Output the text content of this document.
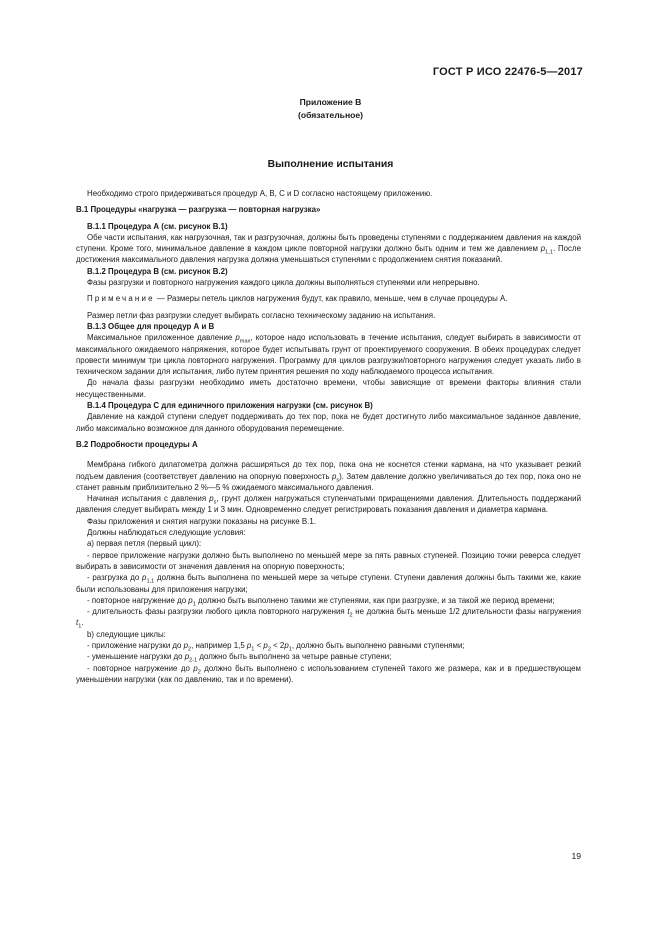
ГОСТ Р ИСО 22476-5—2017
Приложение В
(обязательное)
Выполнение испытания

Необходимо строго придерживаться процедур A, B, C и D согласно настоящему приложению.

В.1 Процедуры «нагрузка — разгрузка — повторная нагрузка»

В.1.1 Процедура А (см. рисунок В.1)

Обе части испытания, как нагрузочная, так и разгрузочная, должны быть проведены ступенями с поддержанием давления на каждой ступени. Кроме того, минимальное давление в каждом цикле повторной нагрузки должно быть одним и тем же давлением $p_{1,1}$. После достижения максимального давления нагрузка должна уменьшаться ступенями с продолжением снятия показаний.

В.1.2 Процедура В (см. рисунок В.2)

Фазы разгрузки и повторного нагружения каждого цикла должны выполняться ступенями или непрерывно.

Примечание — Размеры петель циклов нагружения будут, как правило, меньше, чем в случае процедуры А.

Размер петли фаз разгрузки следует выбирать согласно техническому заданию на испытания.

В.1.3 Общее для процедур А и В

Максимальное приложенное давление $p_{max}$, которое надо использовать в течение испытания, следует выбирать в зависимости от максимального ожидаемого напряжения, которое будет испытывать грунт от проектируемого сооружения. В обеих процедурах следует провести минимум три цикла повторного нагружения. Программу для циклов разгрузки/повторного нагружения следует указать либо в техническом задании для испытания, либо путем принятия решения по ходу наблюдаемого процесса испытания.

До начала фазы разгрузки необходимо иметь достаточно времени, чтобы зависящие от времени факторы влияния стали несущественными.

В.1.4 Процедура С для единичного приложения нагрузки (см. рисунок В)

Давление на каждой ступени следует поддерживать до тех пор, пока не будет достигнуто либо максимальное заданное давление, либо максимально возможное для данного оборудования перемещение.

В.2 Подробности процедуры А

Мембрана гибкого дилатометра должна расширяться до тех пор, пока она не коснется стенки кармана, на что указывает резкий подъем давления (соответствует давлению на опорную поверхность $p_s$). Затем давление должно увеличиваться до тех пор, пока оно не станет равным приблизительно 2 %—5 % ожидаемого максимального давления.

Начиная испытания с давления $p_s$, грунт должен нагружаться ступенчатыми приращениями давления. Длительность поддержаний давления следует выбирать между 1 и 3 мин. Одновременно следует регистрировать показания давления и диаметра кармана.

Фазы приложения и снятия нагрузки показаны на рисунке В.1.

Должны наблюдаться следующие условия:

а) первая петля (первый цикл):

- первое приложение нагрузки должно быть выполнено по меньшей мере за пять равных ступеней. Позицию точки реверса следует выбирать в зависимости от значения давления на опорную поверхность;

- разгрузка до $p_{1,1}$ должна быть выполнена по меньшей мере за четыре ступени. Ступени давления должны быть такими же, какие были использованы для приложения нагрузки;

- повторное нагружение до $p_1$ должно быть выполнено такими же ступенями, как при разгрузке, и за такой же период времени;

- длительность фазы разгрузки любого цикла повторного нагружения $t_2$ не должна быть меньше 1/2 длительности фазы нагружения $t_1$.

b) следующие циклы:

- приложение нагрузки до $p_2$, например 1,5 $p_1 < p_2 < 2p_1$, должно быть выполнено равными ступенями;

- уменьшение нагрузки до $p_{2-1}$ должно быть выполнено за четыре равные ступени;

- повторное нагружение до $p_2$ должно быть выполнено с использованием ступеней такого же размера, как и в предшествующем уменьшении нагрузки (как по давлению, так и по времени).

19
